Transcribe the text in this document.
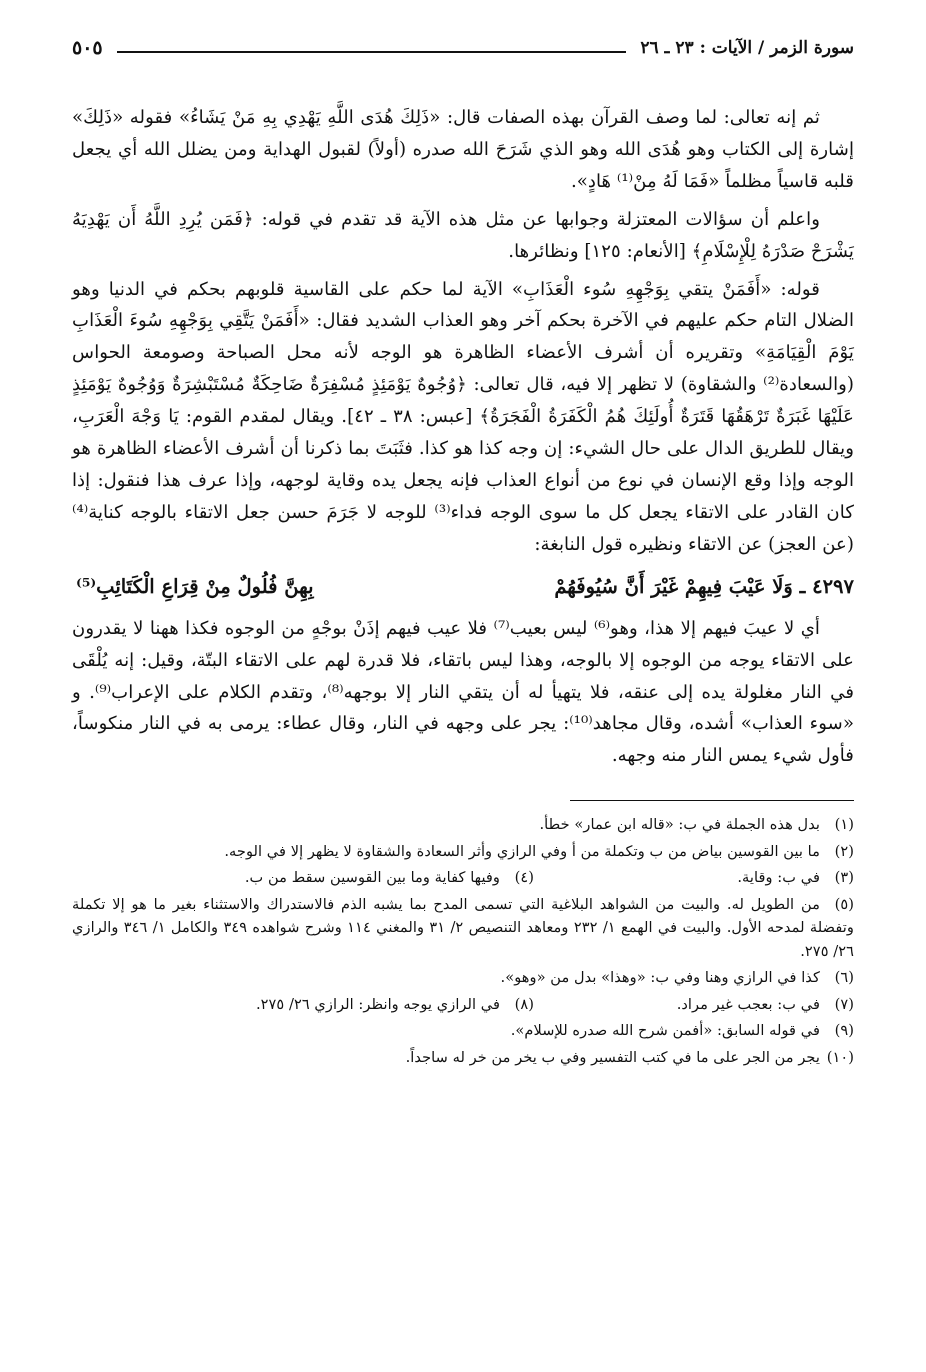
سورة الزمر / الآيات : ٢٣ ـ ٢٦
٥٠٥

ثم إنه تعالى: لما وصف القرآن بهذه الصفات قال: «ذَلِكَ هُدَى اللَّهِ يَهْدِي بِهِ مَنْ يَشَاءُ» فقوله «ذَلِكَ» إشارة إلى الكتاب وهو هُدَى الله وهو الذي شَرَحَ الله صدره (أولاً) لقبول الهداية ومن يضلل الله أي يجعل قلبه قاسياً مظلماً «فَمَا لَهُ مِنْ⁽¹⁾ هَادٍ».

واعلم أن سؤالات المعتزلة وجوابها عن مثل هذه الآية قد تقدم في قوله: ﴿فَمَن يُرِدِ اللَّهُ أَن يَهْدِيَهُ يَشْرَحْ صَدْرَهُ لِلْإِسْلَامِ﴾ [الأنعام: ١٢٥] ونظائرها.

قوله: «أَفَمَنْ يتقي بِوَجْهِهِ سُوء الْعَذَابِ» الآية لما حكم على القاسية قلوبهم بحكم في الدنيا وهو الضلال التام حكم عليهم في الآخرة بحكم آخر وهو العذاب الشديد فقال: «أَفَمَنْ يَتَّقِي بِوَجْهِهِ سُوءَ الْعَذَابِ يَوْمَ الْقِيَامَةِ» وتقريره أن أشرف الأعضاء الظاهرة هو الوجه لأنه محل الصباحة وصومعة الحواس (والسعادة⁽²⁾ والشقاوة) لا تظهر إلا فيه، قال تعالى: ﴿وُجُوهٌ يَوْمَئِذٍ مُسْفِرَةٌ ضَاحِكَةٌ مُسْتَبْشِرَةٌ وَوُجُوهٌ يَوْمَئِذٍ عَلَيْهَا غَبَرَةٌ تَرْهَقُهَا قَتَرَةٌ أُولَئِكَ هُمُ الْكَفَرَةُ الْفَجَرَةُ﴾ [عبس: ٣٨ ـ ٤٢]. ويقال لمقدم القوم: يَا وَجْهَ الْعَرَبِ، ويقال للطريق الدال على حال الشيء: إن وجه كذا هو كذا. فثَبَتَ بما ذكرنا أن أشرف الأعضاء الظاهرة هو الوجه وإذا وقع الإنسان في نوع من أنواع العذاب فإنه يجعل يده وقاية لوجهه، وإذا عرف هذا فنقول: إذا كان القادر على الاتقاء يجعل كل ما سوى الوجه فداء⁽³⁾ للوجه لا جَرَمَ حسن جعل الاتقاء بالوجه كناية⁽⁴⁾ (عن العجز) عن الاتقاء ونظيره قول النابغة:

٤٢٩٧ ـ وَلَا عَيْبَ فِيهِمْ غَيْرَ أَنَّ سُيُوفَهُمْ
بِهِنَّ فُلُولٌ مِنْ قِرَاعِ الْكَتَائِبِ⁽⁵⁾

أي لا عيبَ فيهم إلا هذا، وهو⁽⁶⁾ ليس بعيب⁽⁷⁾ فلا عيب فيهم إذَنْ بوجْهٍ من الوجوه فكذا ههنا لا يقدرون على الاتقاء يوجه من الوجوه إلا بالوجه، وهذا ليس باتقاء، فلا قدرة لهم على الاتقاء البتّة، وقيل: إنه يُلْقَى في النار مغلولة يده إلى عنقه، فلا يتهيأ له أن يتقي النار إلا بوجهه⁽⁸⁾، وتقدم الكلام على الإعراب⁽⁹⁾. و «سوء العذاب» أشده، وقال مجاهد⁽¹⁰⁾: يجر على وجهه في النار، وقال عطاء: يرمى به في النار منكوساً، فأول شيء يمس النار منه وجهه.

(١)بدل هذه الجملة في ب: «قاله ابن عمار» خطأ.
(٢)ما بين القوسين بياض من ب وتكملة من أ وفي الرازي وأثر السعادة والشقاوة لا يظهر إلا في الوجه.
(٣)في ب: وقاية.
(٤)وفيها كفاية وما بين القوسين سقط من ب.
(٥)من الطويل له. والبيت من الشواهد البلاغية التي تسمى المدح بما يشبه الذم فالاستدراك والاستثناء بغير ما هو إلا تكملة وتفضلة لمدحه الأول. والبيت في الهمع ١/ ٢٣٢ ومعاهد التنصيص ٢/ ٣١ والمغني ١١٤ وشرح شواهده ٣٤٩ والكامل ١/ ٣٤٦ والرازي ٢٦/ ٢٧٥.
(٦)كذا في الرازي وهنا وفي ب: «وهذا» بدل من «وهو».
(٧)في ب: بعجب غير مراد.
(٨)في الرازي يوجه وانظر: الرازي ٢٦/ ٢٧٥.
(٩)في قوله السابق: «أفمن شرح الله صدره للإسلام».
(١٠)يجر من الجر على ما في كتب التفسير وفي ب يخر من خر له ساجداً.
